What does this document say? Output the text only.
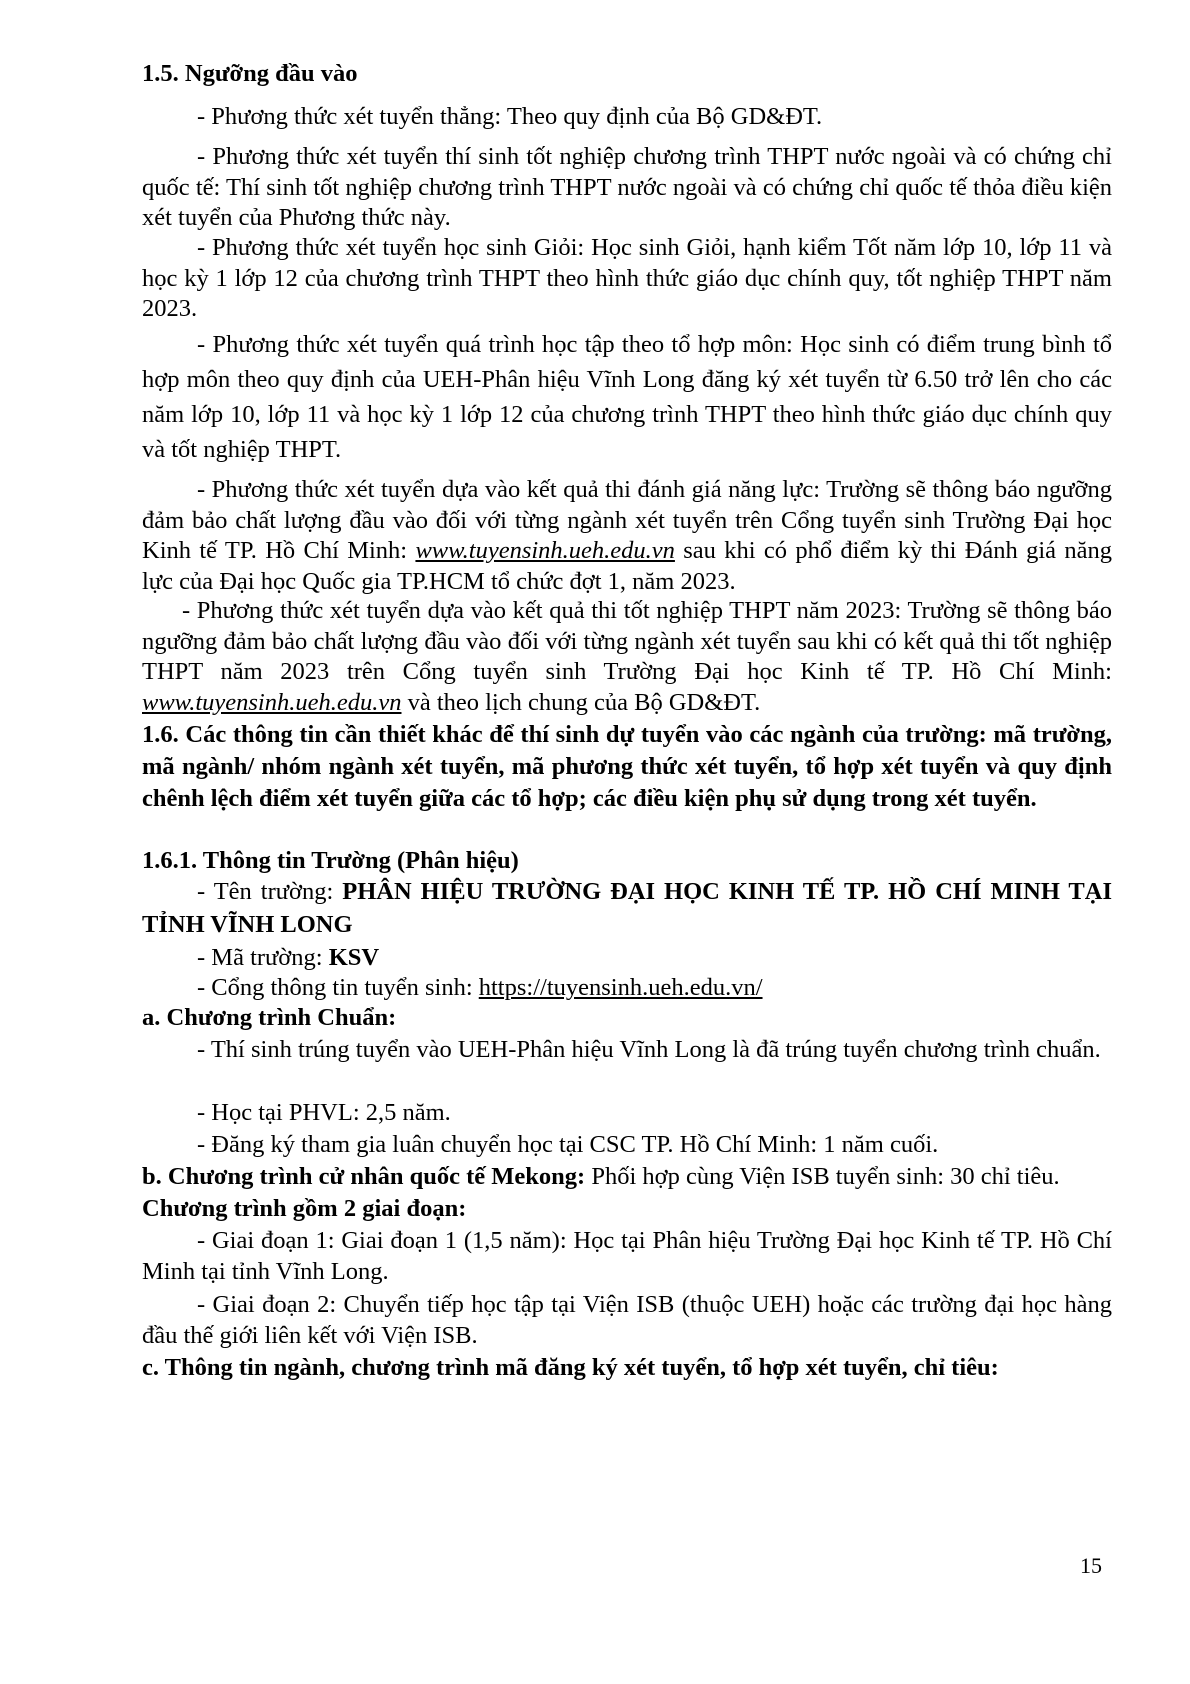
1.5. Ngưỡng đầu vào

- Phương thức xét tuyển thẳng: Theo quy định của Bộ GD&ĐT.

- Phương thức xét tuyển thí sinh tốt nghiệp chương trình THPT nước ngoài và có chứng chỉ quốc tế: Thí sinh tốt nghiệp chương trình THPT nước ngoài và có chứng chỉ quốc tế thỏa điều kiện xét tuyển của Phương thức này.

- Phương thức xét tuyển học sinh Giỏi: Học sinh Giỏi, hạnh kiểm Tốt năm lớp 10, lớp 11 và học kỳ 1 lớp 12 của chương trình THPT theo hình thức giáo dục chính quy, tốt nghiệp THPT năm 2023.

- Phương thức xét tuyển quá trình học tập theo tổ hợp môn: Học sinh có điểm trung bình tổ hợp môn theo quy định của UEH-Phân hiệu Vĩnh Long đăng ký xét tuyển từ 6.50 trở lên cho các năm lớp 10, lớp 11 và học kỳ 1 lớp 12 của chương trình THPT theo hình thức giáo dục chính quy và tốt nghiệp THPT.

- Phương thức xét tuyển dựa vào kết quả thi đánh giá năng lực: Trường sẽ thông báo ngưỡng đảm bảo chất lượng đầu vào đối với từng ngành xét tuyển trên Cổng tuyển sinh Trường Đại học Kinh tế TP. Hồ Chí Minh: www.tuyensinh.ueh.edu.vn sau khi có phổ điểm kỳ thi Đánh giá năng lực của Đại học Quốc gia TP.HCM tổ chức đợt 1, năm 2023.

- Phương thức xét tuyển dựa vào kết quả thi tốt nghiệp THPT năm 2023: Trường sẽ thông báo ngưỡng đảm bảo chất lượng đầu vào đối với từng ngành xét tuyển sau khi có kết quả thi tốt nghiệp THPT năm 2023 trên Cổng tuyển sinh Trường Đại học Kinh tế TP. Hồ Chí Minh: www.tuyensinh.ueh.edu.vn và theo lịch chung của Bộ GD&ĐT.

1.6. Các thông tin cần thiết khác để thí sinh dự tuyển vào các ngành của trường: mã trường, mã ngành/ nhóm ngành xét tuyển, mã phương thức xét tuyển, tổ hợp xét tuyển và quy định chênh lệch điểm xét tuyển giữa các tổ hợp; các điều kiện phụ sử dụng trong xét tuyển.

1.6.1. Thông tin Trường (Phân hiệu)

- Tên trường: PHÂN HIỆU TRƯỜNG ĐẠI HỌC KINH TẾ TP. HỒ CHÍ MINH TẠI TỈNH VĨNH LONG

- Mã trường: KSV

- Cổng thông tin tuyển sinh: https://tuyensinh.ueh.edu.vn/

a. Chương trình Chuẩn:

- Thí sinh trúng tuyển vào UEH-Phân hiệu Vĩnh Long là đã trúng tuyển chương trình chuẩn.

- Học tại PHVL: 2,5 năm.

- Đăng ký tham gia luân chuyển học tại CSC TP. Hồ Chí Minh: 1 năm cuối.

b. Chương trình cử nhân quốc tế Mekong: Phối hợp cùng Viện ISB tuyển sinh: 30 chỉ tiêu.

Chương trình gồm 2 giai đoạn:

- Giai đoạn 1: Giai đoạn 1 (1,5 năm): Học tại Phân hiệu Trường Đại học Kinh tế TP. Hồ Chí Minh tại tỉnh Vĩnh Long.

- Giai đoạn 2: Chuyển tiếp học tập tại Viện ISB (thuộc UEH) hoặc các trường đại học hàng đầu thế giới liên kết với Viện ISB.

c. Thông tin ngành, chương trình mã đăng ký xét tuyển, tổ hợp xét tuyển, chỉ tiêu:

15
